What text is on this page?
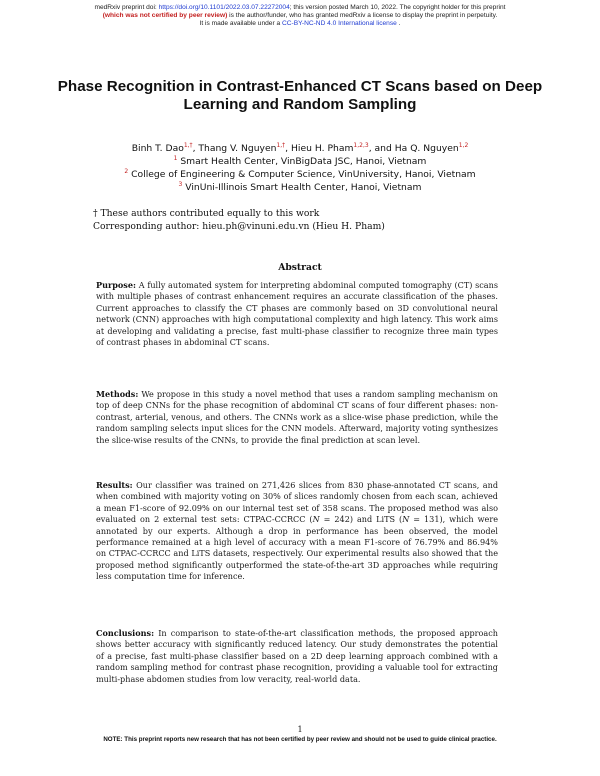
medRxiv preprint doi: https://doi.org/10.1101/2022.03.07.22272004; this version posted March 10, 2022. The copyright holder for this preprint
(which was not certified by peer review) is the author/funder, who has granted medRxiv a license to display the preprint in perpetuity.
It is made available under a CC-BY-NC-ND 4.0 International license .
Phase Recognition in Contrast-Enhanced CT Scans based on Deep Learning and Random Sampling
Binh T. Dao$^{1,\dagger}$, Thang V. Nguyen$^{1,\dagger}$, Hieu H. Pham$^{1,2,3}$, and Ha Q. Nguyen$^{1,2}$
$^1$ Smart Health Center, VinBigData JSC, Hanoi, Vietnam
$^2$ College of Engineering & Computer Science, VinUniversity, Hanoi, Vietnam
$^3$ VinUni-Illinois Smart Health Center, Hanoi, Vietnam
† These authors contributed equally to this work
Corresponding author: hieu.ph@vinuni.edu.vn (Hieu H. Pham)
Abstract

Purpose: A fully automated system for interpreting abdominal computed tomography (CT) scans with multiple phases of contrast enhancement requires an accurate classification of the phases. Current approaches to classify the CT phases are commonly based on 3D convolutional neural network (CNN) approaches with high computational complexity and high latency. This work aims at developing and validating a precise, fast multi-phase classifier to recognize three main types of contrast phases in abdominal CT scans.

Methods: We propose in this study a novel method that uses a random sampling mechanism on top of deep CNNs for the phase recognition of abdominal CT scans of four different phases: non-contrast, arterial, venous, and others. The CNNs work as a slice-wise phase prediction, while the random sampling selects input slices for the CNN models. Afterward, majority voting synthesizes the slice-wise results of the CNNs, to provide the final prediction at scan level.

Results: Our classifier was trained on 271,426 slices from 830 phase-annotated CT scans, and when combined with majority voting on 30% of slices randomly chosen from each scan, achieved a mean F1-score of 92.09% on our internal test set of 358 scans. The proposed method was also evaluated on 2 external test sets: CTPAC-CCRCC (N = 242) and LiTS (N = 131), which were annotated by our experts. Although a drop in performance has been observed, the model performance remained at a high level of accuracy with a mean F1-score of 76.79% and 86.94% on CTPAC-CCRCC and LiTS datasets, respectively. Our experimental results also showed that the proposed method significantly outperformed the state-of-the-art 3D approaches while requiring less computation time for inference.

Conclusions: In comparison to state-of-the-art classification methods, the proposed approach shows better accuracy with significantly reduced latency. Our study demonstrates the potential of a precise, fast multi-phase classifier based on a 2D deep learning approach combined with a random sampling method for contrast phase recognition, providing a valuable tool for extracting multi-phase abdomen studies from low veracity, real-world data.

1
NOTE: This preprint reports new research that has not been certified by peer review and should not be used to guide clinical practice.
